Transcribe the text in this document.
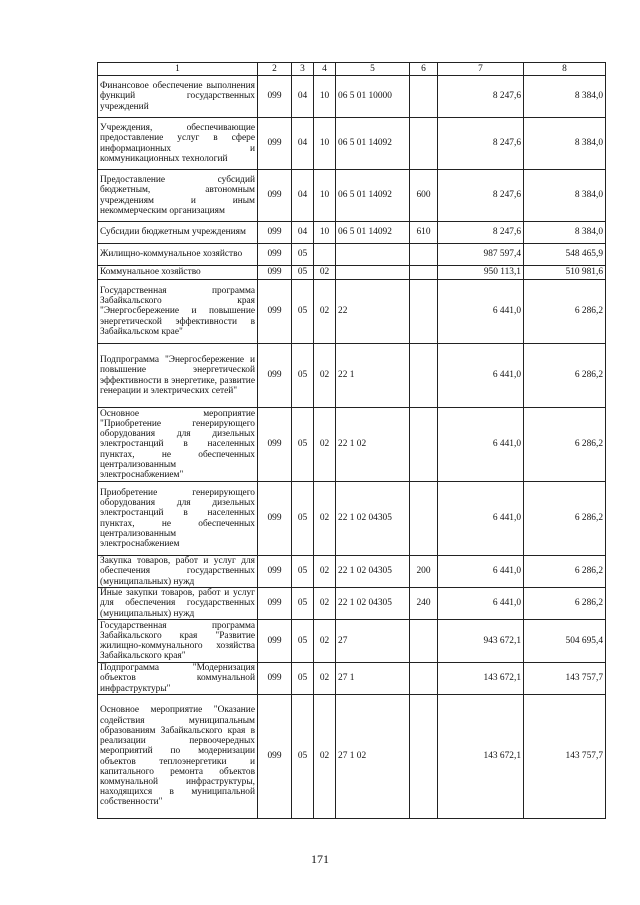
1	2	3	4	5	6	7	8
Финансовое обеспечение выполнения функций государственных учреждений	099	04	10	06 5 01 10000		8 247,6	8 384,0
Учреждения, обеспечивающие предоставление услуг в сфере информационных и коммуникационных технологий	099	04	10	06 5 01 14092		8 247,6	8 384,0
Предоставление субсидий бюджетным, автономным учреждениям и иным некоммерческим организациям	099	04	10	06 5 01 14092	600	8 247,6	8 384,0
Субсидии бюджетным учреждениям	099	04	10	06 5 01 14092	610	8 247,6	8 384,0
Жилищно-коммунальное хозяйство	099	05				987 597,4	548 465,9
Коммунальное хозяйство	099	05	02			950 113,1	510 981,6
Государственная программа Забайкальского края "Энергосбережение и повышение энергетической эффективности в Забайкальском крае"	099	05	02	22		6 441,0	6 286,2
Подпрограмма "Энергосбережение и повышение энергетической эффективности в энергетике, развитие генерации и электрических сетей"	099	05	02	22 1		6 441,0	6 286,2
Основное мероприятие "Приобретение генерирующего оборудования для дизельных электростанций в населенных пунктах, не обеспеченных централизованным электроснабжением"	099	05	02	22 1 02		6 441,0	6 286,2
Приобретение генерирующего оборудования для дизельных электростанций в населенных пунктах, не обеспеченных централизованным электроснабжением	099	05	02	22 1 02 04305		6 441,0	6 286,2
Закупка товаров, работ и услуг для обеспечения государственных (муниципальных) нужд	099	05	02	22 1 02 04305	200	6 441,0	6 286,2
Иные закупки товаров, работ и услуг для обеспечения государственных (муниципальных) нужд	099	05	02	22 1 02 04305	240	6 441,0	6 286,2
Государственная программа Забайкальского края "Развитие жилищно-коммунального хозяйства Забайкальского края"	099	05	02	27		943 672,1	504 695,4
Подпрограмма "Модернизация объектов коммунальной инфраструктуры"	099	05	02	27 1		143 672,1	143 757,7
Основное мероприятие "Оказание содействия муниципальным образованиям Забайкальского края в реализации первоочередных мероприятий по модернизации объектов теплоэнергетики и капитального ремонта объектов коммунальной инфраструктуры, находящихся в муниципальной собственности"	099	05	02	27 1 02		143 672,1	143 757,7
171
